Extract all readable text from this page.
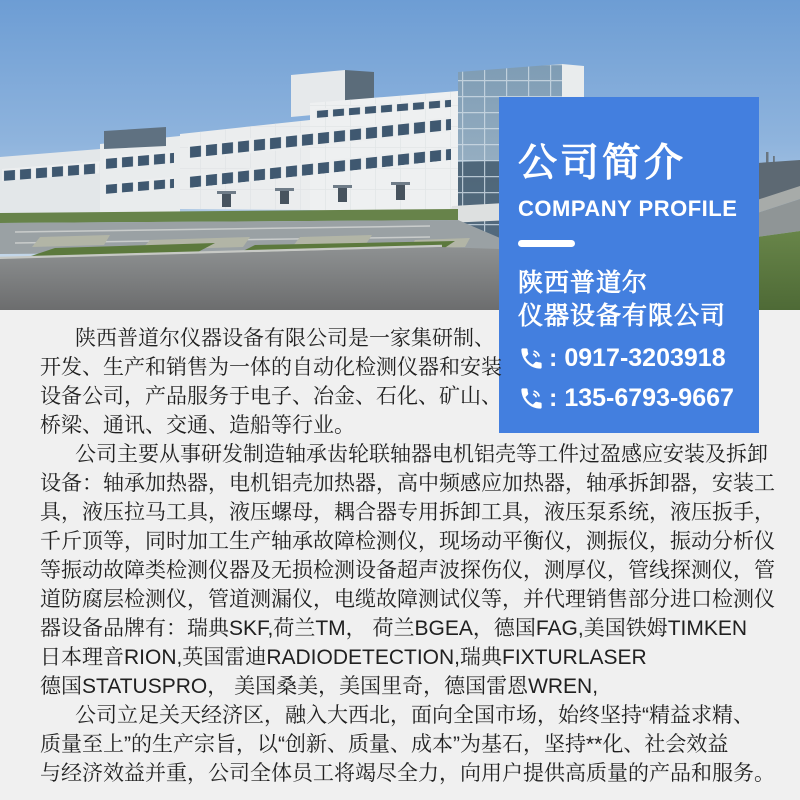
公司简介
COMPANY PROFILE
陕西普道尔
仪器设备有限公司
: 0917-3203918
: 135-6793-9667
陕西普道尔仪器设备有限公司是一家集研制、
开发、生产和销售为一体的自动化检测仪器和安装
设备公司，产品服务于电子、冶金、石化、矿山、
桥梁、通讯、交通、造船等行业。
公司主要从事研发制造轴承齿轮联轴器电机铝壳等工件过盈感应安装及拆卸
设备：轴承加热器，电机铝壳加热器，高中频感应加热器，轴承拆卸器，安装工
具，液压拉马工具，液压螺母，耦合器专用拆卸工具，液压泵系统，液压扳手，
千斤顶等，同时加工生产轴承故障检测仪，现场动平衡仪，测振仪，振动分析仪
等振动故障类检测仪器及无损检测设备超声波探伤仪，测厚仪，管线探测仪，管
道防腐层检测仪，管道测漏仪，电缆故障测试仪等，并代理销售部分进口检测仪
器设备品牌有：瑞典SKF,荷兰TM， 荷兰BGEA，德国FAG,美国铁姆TIMKEN
日本理音RION,英国雷迪RADIODETECTION,瑞典FIXTURLASER
德国STATUSPRO， 美国桑美，美国里奇，德国雷恩WREN,
公司立足关天经济区，融入大西北，面向全国市场，始终坚持“精益求精、
质量至上”的生产宗旨，以“创新、质量、成本”为基石，坚持**化、社会效益
与经济效益并重，公司全体员工将竭尽全力，向用户提供高质量的产品和服务。
